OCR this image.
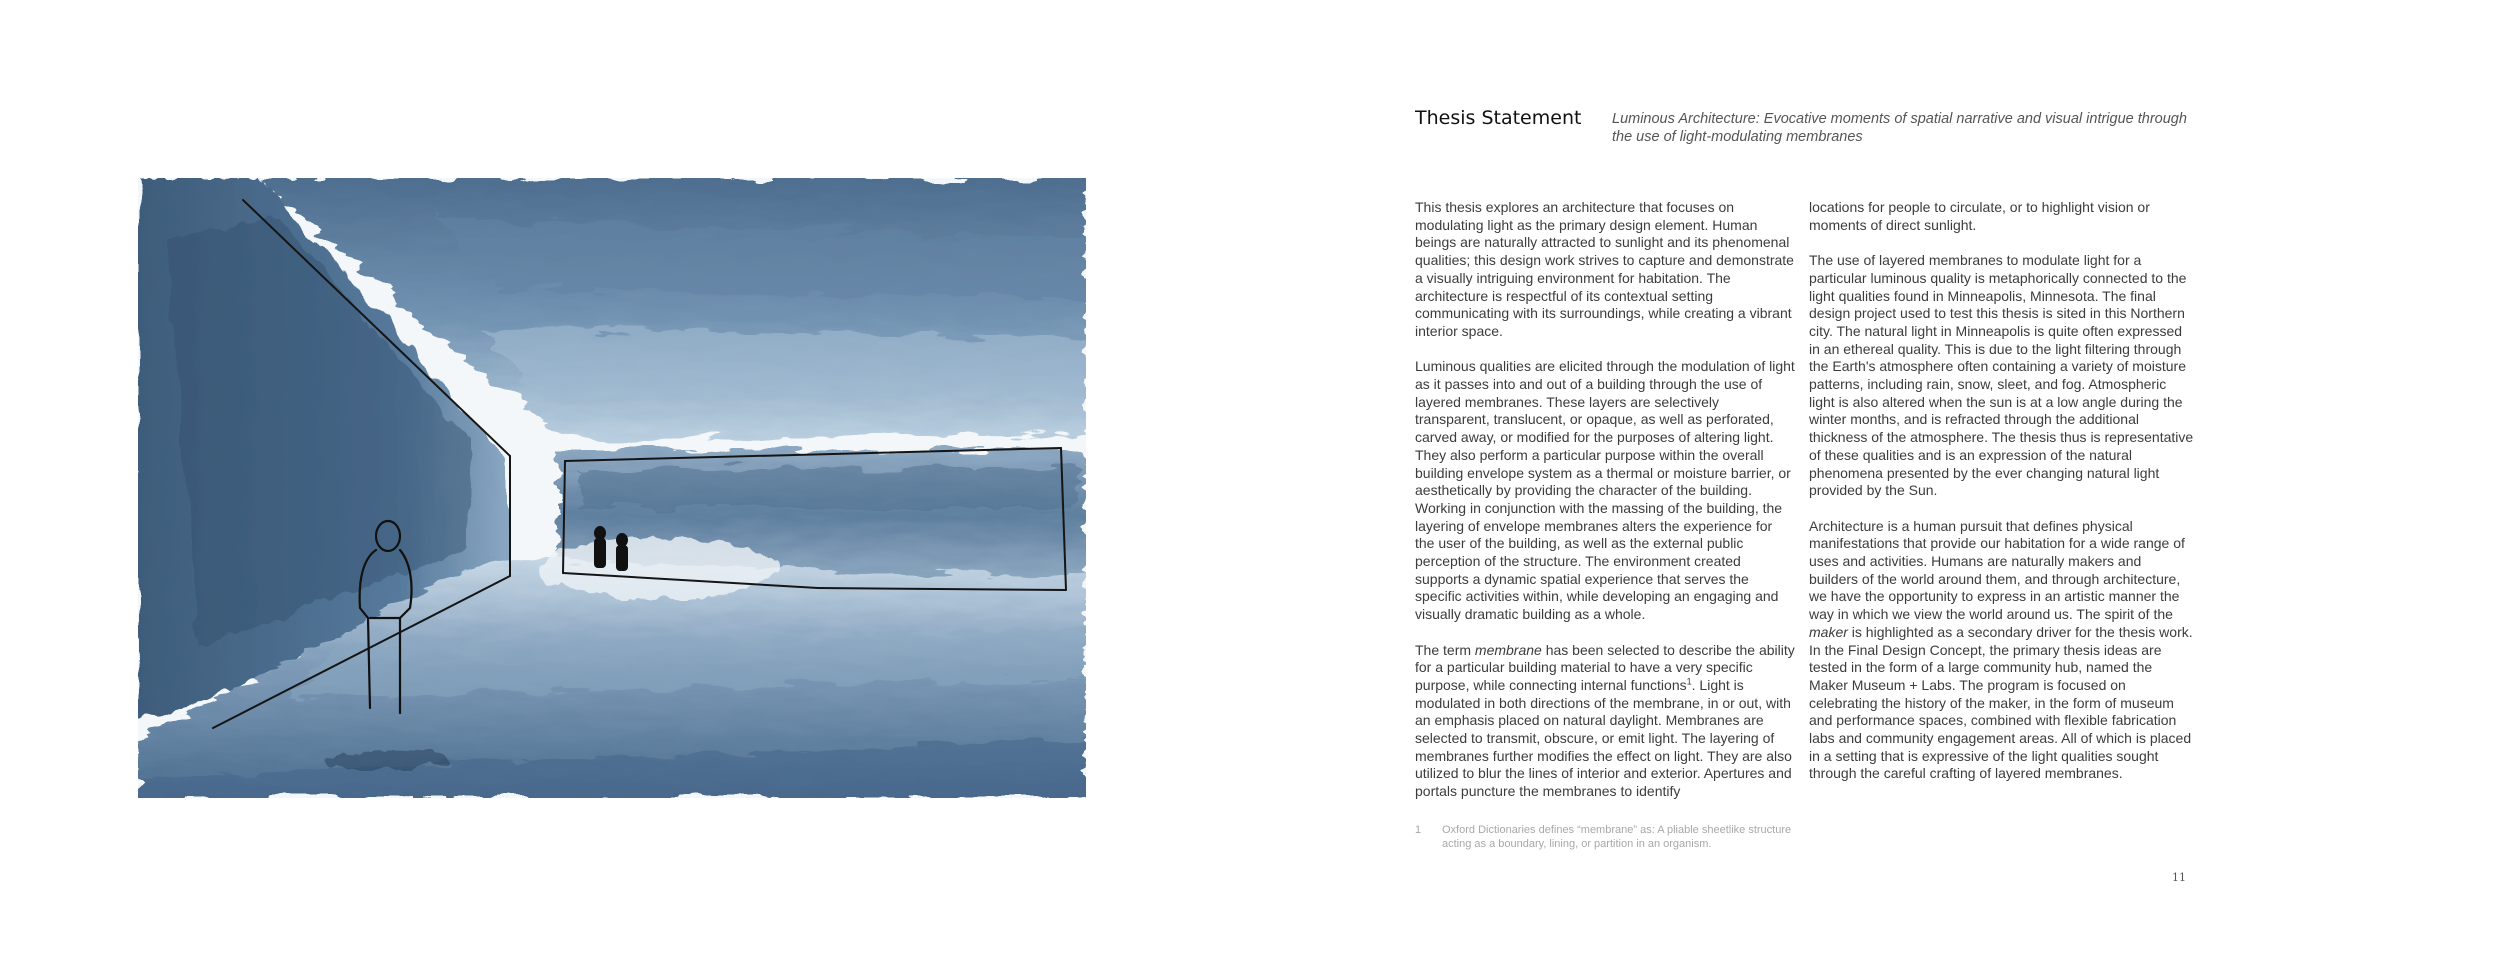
Thesis Statement Luminous Architecture: Evocative moments of spatial narrative and visual intrigue through the use of light-modulating membranes

This thesis explores an architecture that focuses on modulating light as the primary design element. Human beings are naturally attracted to sunlight and its phenomenal qualities; this design work strives to capture and demonstrate a visually intriguing environment for habitation. The architecture is respectful of its contextual setting communicating with its surroundings, while creating a vibrant interior space.

Luminous qualities are elicited through the modulation of light as it passes into and out of a building through the use of layered membranes. These layers are selectively transparent, translucent, or opaque, as well as perforated, carved away, or modified for the purposes of altering light. They also perform a particular purpose within the overall building envelope system as a thermal or moisture barrier, or aesthetically by providing the character of the building. Working in conjunction with the massing of the building, the layering of envelope membranes alters the experience for the user of the building, as well as the external public perception of the structure. The environment created supports a dynamic spatial experience that serves the specific activities within, while developing an engaging and visually dramatic building as a whole.

The term membrane has been selected to describe the ability for a particular building material to have a very specific purpose, while connecting internal functions$^1$. Light is modulated in both directions of the membrane, in or out, with an emphasis placed on natural daylight. Membranes are selected to transmit, obscure, or emit light. The layering of membranes further modifies the effect on light. They are also utilized to blur the lines of interior and exterior. Apertures and portals puncture the membranes to identify

locations for people to circulate, or to highlight vision or moments of direct sunlight.

The use of layered membranes to modulate light for a particular luminous quality is metaphorically connected to the light qualities found in Minneapolis, Minnesota. The final design project used to test this thesis is sited in this Northern city. The natural light in Minneapolis is quite often expressed in an ethereal quality. This is due to the light filtering through the Earth's atmosphere often containing a variety of moisture patterns, including rain, snow, sleet, and fog. Atmospheric light is also altered when the sun is at a low angle during the winter months, and is refracted through the additional thickness of the atmosphere. The thesis thus is representative of these qualities and is an expression of the natural phenomena presented by the ever changing natural light provided by the Sun.

Architecture is a human pursuit that defines physical manifestations that provide our habitation for a wide range of uses and activities. Humans are naturally makers and builders of the world around them, and through architecture, we have the opportunity to express in an artistic manner the way in which we view the world around us. The spirit of the maker is highlighted as a secondary driver for the thesis work. In the Final Design Concept, the primary thesis ideas are tested in the form of a large community hub, named the Maker Museum + Labs. The program is focused on celebrating the history of the maker, in the form of museum and performance spaces, combined with flexible fabrication labs and community engagement areas. All of which is placed in a setting that is expressive of the light qualities sought through the careful crafting of layered membranes.

1 Oxford Dictionaries defines “membrane” as: A pliable sheetlike structure acting as a boundary, lining, or partition in an organism.
11
